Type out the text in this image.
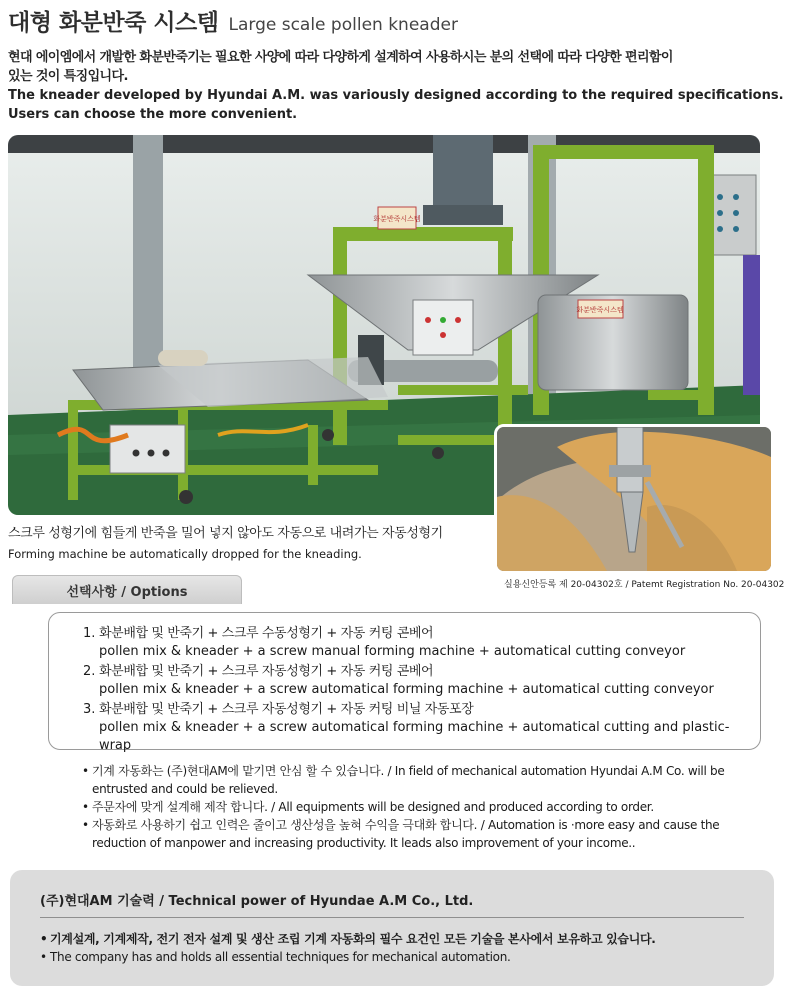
대형 화분반죽 시스템 Large scale pollen kneader

현대 에이엠에서 개발한 화분반죽기는 필요한 사양에 따라 다양하게 설계하여 사용하시는 분의 선택에 따라 다양한 편리함이

있는 것이 특징입니다.

The kneader developed by Hyundai A.M. was variously designed according to the required specifications.

Users can choose the more convenient.

화분반죽시스템
화분반죽시스템

스크루 성형기에 힘들게 반죽을 밀어 넣지 않아도 자동으로 내려가는 자동성형기

Forming machine be automatically dropped for the kneading.

실용신안등록 제 20-04302호 / Patemt Registration No. 20-04302
선택사항 / Options
1. 화분배합 및 반죽기 + 스크루 수동성형기 + 자동 커팅 콘베어

pollen mix & kneader + a screw manual forming machine + automatical cutting conveyor

2. 화분배합 및 반죽기 + 스크루 자동성형기 + 자동 커팅 콘베어

pollen mix & kneader + a screw automatical forming machine + automatical cutting conveyor

3. 화분배합 및 반죽기 + 스크루 자동성형기 + 자동 커팅 비닐 자동포장

pollen mix & kneader + a screw automatical forming machine + automatical cutting and plastic-wrap

• 기계 자동화는 (주)현대AM에 맡기면 안심 할 수 있습니다. / In field of mechanical automation Hyundai A.M Co. will be entrusted and could be relieved.
• 주문자에 맞게 설계해 제작 합니다. / All equipments will be designed and produced according to order.
• 자동화로 사용하기 쉽고 인력은 줄이고 생산성을 높혀 수익을 극대화 합니다. / Automation is ·more easy and cause the reduction of manpower and increasing productivity. It leads also improvement of your income..
(주)현대AM 기술력 / Technical power of Hyundae A.M Co., Ltd.
• 기계설계, 기계제작, 전기 전자 설계 및 생산 조립 기계 자동화의 필수 요건인 모든 기술을 본사에서 보유하고 있습니다.
• The company has and holds all essential techniques for mechanical automation.
